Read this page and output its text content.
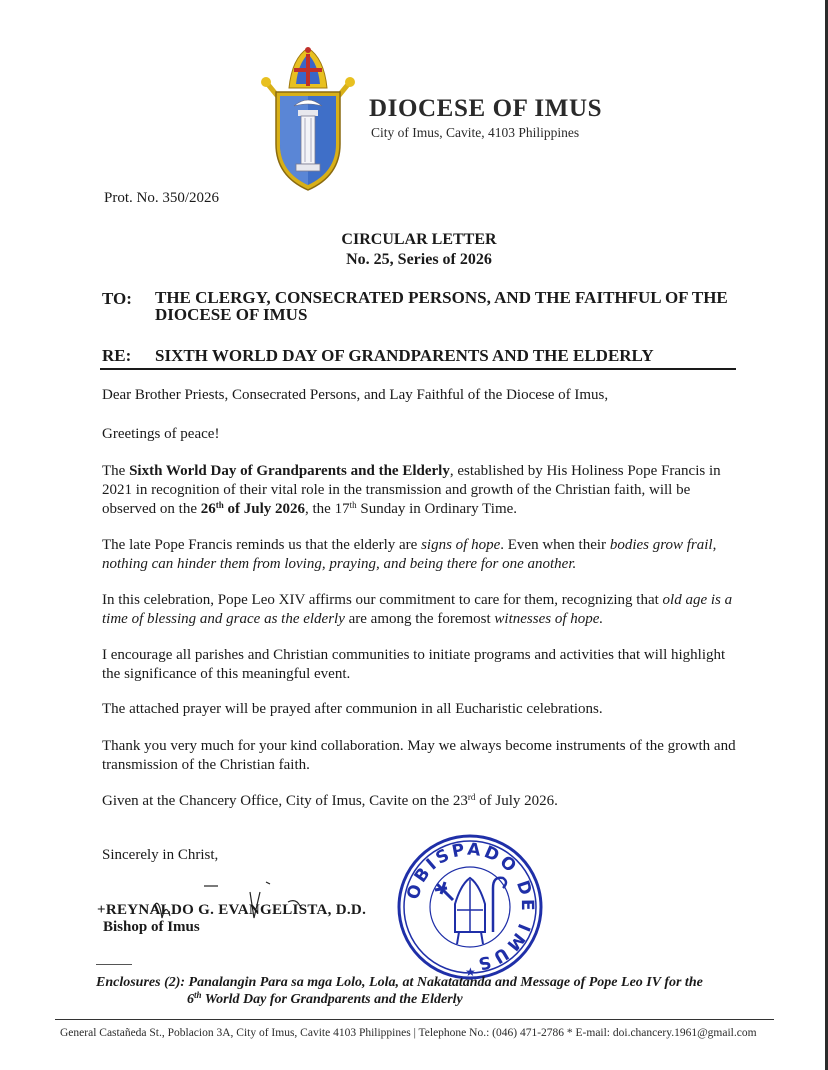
DIOCESE OF IMUS
City of Imus, Cavite, 4103 Philippines
Prot. No. 350/2026
CIRCULAR LETTER
No. 25, Series of 2026
TO: THE CLERGY, CONSECRATED PERSONS, AND THE FAITHFUL OF THE DIOCESE OF IMUS
RE: SIXTH WORLD DAY OF GRANDPARENTS AND THE ELDERLY
Dear Brother Priests, Consecrated Persons, and Lay Faithful of the Diocese of Imus,
Greetings of peace!
The Sixth World Day of Grandparents and the Elderly, established by His Holiness Pope Francis in 2021 in recognition of their vital role in the transmission and growth of the Christian faith, will be observed on the 26th of July 2026, the 17th Sunday in Ordinary Time.
The late Pope Francis reminds us that the elderly are signs of hope. Even when their bodies grow frail, nothing can hinder them from loving, praying, and being there for one another.
In this celebration, Pope Leo XIV affirms our commitment to care for them, recognizing that old age is a time of blessing and grace as the elderly are among the foremost witnesses of hope.
I encourage all parishes and Christian communities to initiate programs and activities that will highlight the significance of this meaningful event.
The attached prayer will be prayed after communion in all Eucharistic celebrations.
Thank you very much for your kind collaboration. May we always become instruments of the growth and transmission of the Christian faith.
Given at the Chancery Office, City of Imus, Cavite on the 23rd of July 2026.
Sincerely in Christ,
+REYNALDO G. EVANGELISTA, D.D.
Bishop of Imus
OBISPADO DE IMUS
★
Enclosures (2): Panalangin Para sa mga Lolo, Lola, at Nakatatanda and Message of Pope Leo IV for the
6th World Day for Grandparents and the Elderly
General Castañeda St., Poblacion 3A, City of Imus, Cavite 4103 Philippines | Telephone No.: (046) 471-2786 * E-mail: doi.chancery.1961@gmail.com
